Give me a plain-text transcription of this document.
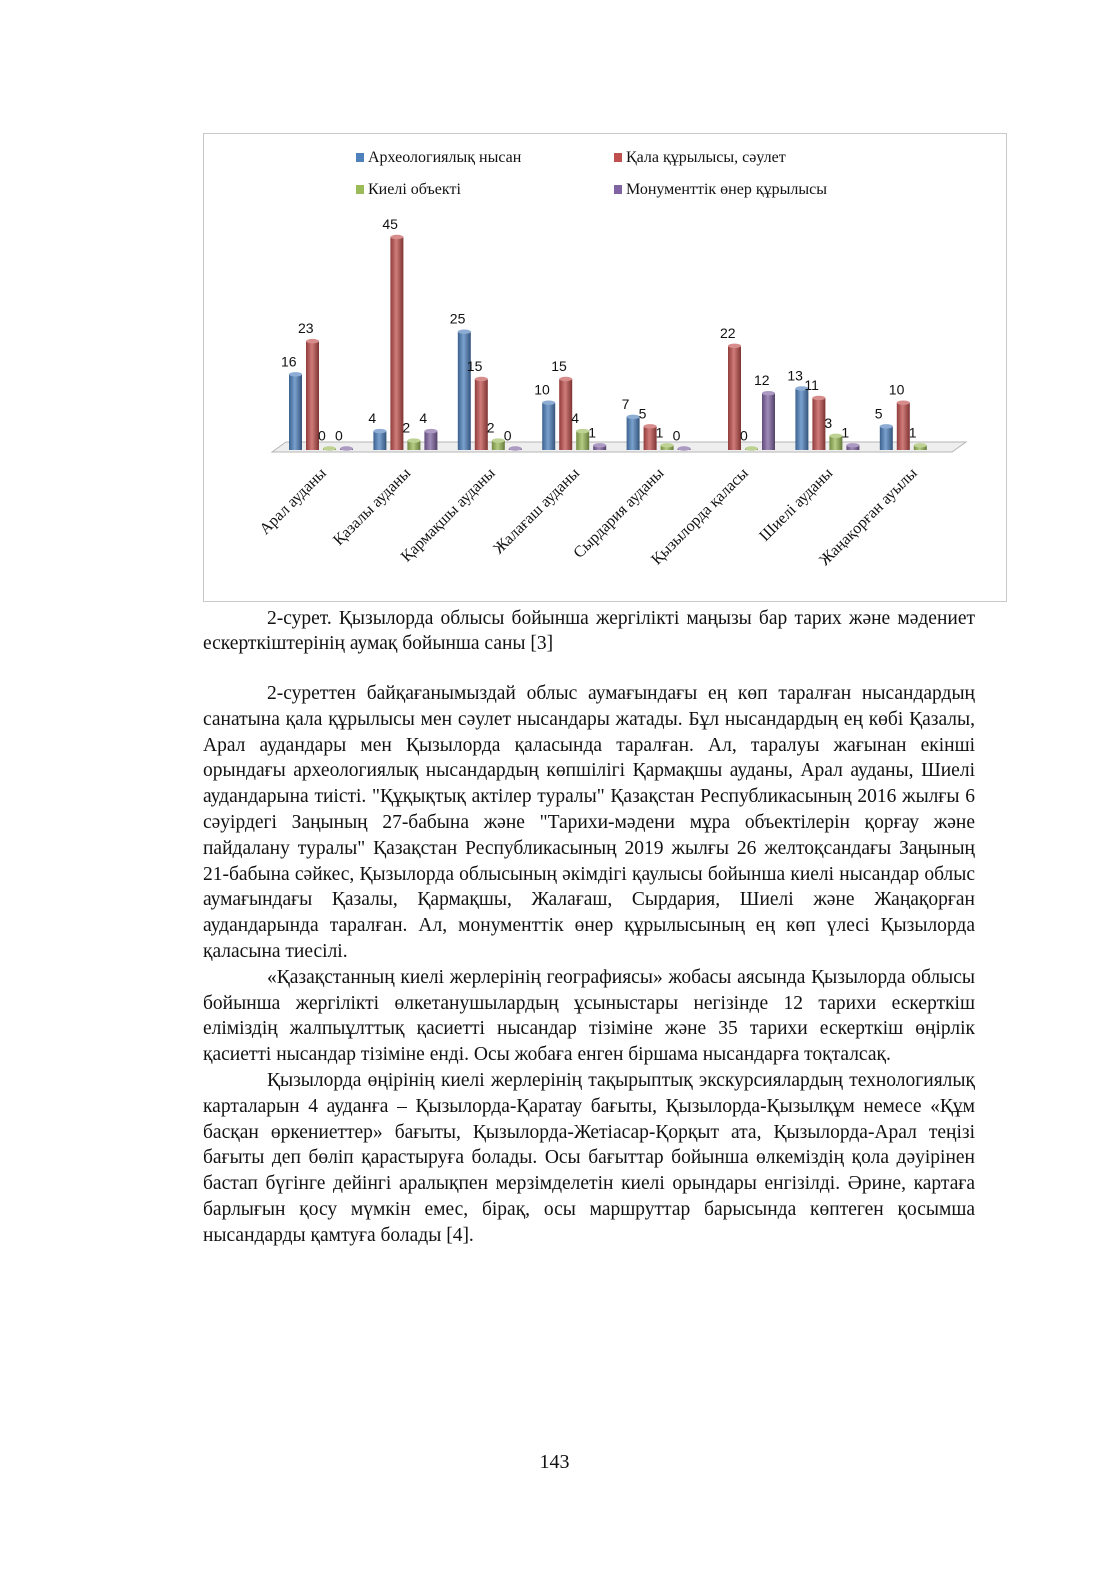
Археологиялық нысан	Қала құрылысы, сәулет
Киелі объекті	Монументтік өнер құрылысы
16
23
0 0
4
45
2
4
25
15
2 0
10
15
4
1
7
5
1 0
22
0
12 13
11
3
1
5
10
1
Арал ауданы Қазалы ауданы
Қармақшы ауданы
Жалағаш ауданы
Сырдария ауданы
Қызылорда қаласы Шиелі ауданы
Жаңақорған ауылы
2-сурет. Қызылорда облысы бойынша жергілікті маңызы бар тарих және мәдениет ескерткіштерінің аумақ бойынша саны [3]

2-суреттен байқағанымыздай облыс аумағындағы ең көп таралған нысандардың санатына қала құрылысы мен сәулет нысандары жатады. Бұл нысандардың ең көбі Қазалы, Арал аудандары мен Қызылорда қаласында таралған. Ал, таралуы жағынан екінші орындағы археологиялық нысандардың көпшілігі Қармақшы ауданы, Арал ауданы, Шиелі аудандарына тиісті. "Құқықтық актілер туралы" Қазақстан Республикасының 2016 жылғы 6 сәуірдегі Заңының 27-бабына және "Тарихи-мәдени мұра объектілерін қорғау және пайдалану туралы" Қазақстан Республикасының 2019 жылғы 26 желтоқсандағы Заңының 21-бабына сәйкес, Қызылорда облысының әкімдігі қаулысы бойынша киелі нысандар облыс аумағындағы Қазалы, Қармақшы, Жалағаш, Сырдария, Шиелі және Жаңақорған аудандарында таралған. Ал, монументтік өнер құрылысының ең көп үлесі Қызылорда қаласына тиесілі.

«Қазақстанның киелі жерлерінің географиясы» жобасы аясында Қызылорда облысы бойынша жергілікті өлкетанушылардың ұсыныстары негізінде 12 тарихи ескерткіш еліміздің жалпыұлттық қасиетті нысандар тізіміне және 35 тарихи ескерткіш өңірлік қасиетті нысандар тізіміне енді. Осы жобаға енген біршама нысандарға тоқталсақ.

Қызылорда өңірінің киелі жерлерінің тақырыптық экскурсиялардың технологиялық карталарын 4 ауданға – Қызылорда-Қаратау бағыты, Қызылорда-Қызылқұм немесе «Құм басқан өркениеттер» бағыты, Қызылорда-Жетіасар-Қорқыт ата, Қызылорда-Арал теңізі бағыты деп бөліп қарастыруға болады. Осы бағыттар бойынша өлкеміздің қола дәуірінен бастап бүгінге дейінгі аралықпен мерзімделетін киелі орындары енгізілді. Әрине, картаға барлығын қосу мүмкін емес, бірақ, осы маршруттар барысында көптеген қосымша нысандарды қамтуға болады [4].

143
